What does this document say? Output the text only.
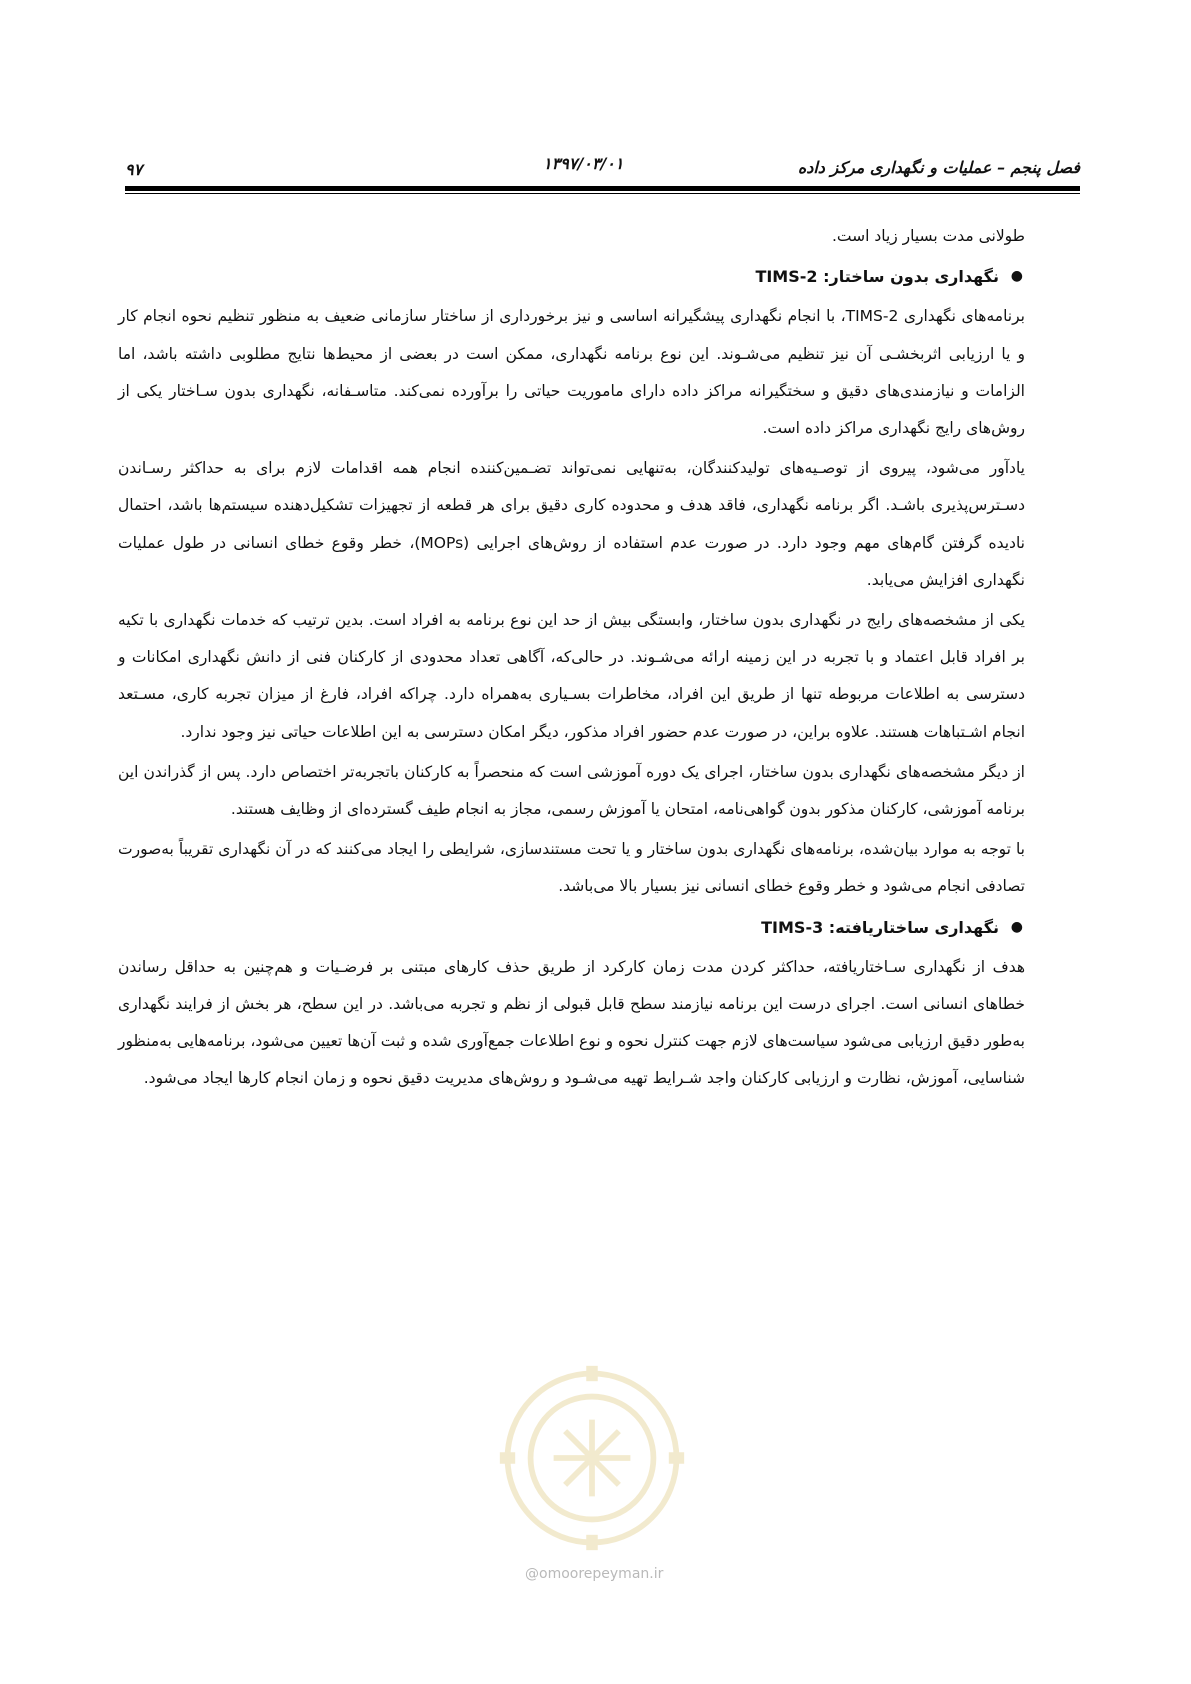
فصل پنجم – عملیات و نگهداری مرکز داده
۱۳۹۷/۰۳/۰۱
۹۷

طولانی مدت بسیار زیاد است.

●
نگهداری بدون ساختار: TIMS-2

برنامه‌های نگهداری TIMS-2، با انجام نگهداری پیشگیرانه اساسی و نیز برخورداری از ساختار سازمانی ضعیف به منظور تنظیم نحوه انجام کار و یا ارزیابی اثربخشـی آن نیز تنظیم می‌شـوند. این نوع برنامه نگهداری، ممکن است در بعضی از محیط‌ها نتایج مطلوبی داشته باشد، اما الزامات و نیازمندی‌های دقیق و سختگیرانه مراکز داده دارای ماموریت حیاتی را برآورده نمی‌کند. متاسـفانه، نگهداری بدون سـاختار یکی از روش‌های رایج نگهداری مراکز داده است.

یادآور می‌شود، پیروی از توصـیه‌های تولیدکنندگان، به‌تنهایی نمی‌تواند تضـمین‌کننده انجام همه اقدامات لازم برای به حداکثر رسـاندن دسـترس‌پذیری باشـد. اگر برنامه نگهداری، فاقد هدف و محدوده کاری دقیق برای هر قطعه از تجهیزات تشکیل‌دهنده سیستم‌ها باشد، احتمال نادیده گرفتن گام‌های مهم وجود دارد. در صورت عدم استفاده از روش‌های اجرایی (MOPs)، خطر وقوع خطای انسانی در طول عملیات نگهداری افزایش می‌یابد.

یکی از مشخصه‌های رایج در نگهداری بدون ساختار، وابستگی بیش از حد این نوع برنامه به افراد است. بدین ترتیب که خدمات نگهداری با تکیه بر افراد قابل اعتماد و با تجربه در این زمینه ارائه می‌شـوند. در حالی‌که، آگاهی تعداد محدودی از کارکنان فنی از دانش نگهداری امکانات و دسترسی به اطلاعات مربوطه تنها از طریق این افراد، مخاطرات بسـیاری به‌همراه دارد. چراکه افراد، فارغ از میزان تجربه کاری، مسـتعد انجام اشـتباهات هستند. علاوه براین، در صورت عدم حضور افراد مذکور، دیگر امکان دسترسی به این اطلاعات حیاتی نیز وجود ندارد.

از دیگر مشخصه‌های نگهداری بدون ساختار، اجرای یک دوره آموزشی است که منحصراً به کارکنان باتجربه‌تر اختصاص دارد. پس از گذراندن این برنامه آموزشی، کارکنان مذکور بدون گواهی‌نامه، امتحان یا آموزش رسمی، مجاز به انجام طیف گسترده‌ای از وظایف هستند.

با توجه به موارد بیان‌شده، برنامه‌های نگهداری بدون ساختار و یا تحت مستندسازی، شرایطی را ایجاد می‌کنند که در آن نگهداری تقریباً به‌صورت تصادفی انجام می‌شود و خطر وقوع خطای انسانی نیز بسیار بالا می‌باشد.

●
نگهداری ساختاریافته: TIMS-3

هدف از نگهداری سـاختاریافته، حداکثر کردن مدت زمان کارکرد از طریق حذف کارهای مبتنی بر فرضـیات و هم‌چنین به حداقل رساندن خطاهای انسانی است. اجرای درست این برنامه نیازمند سطح قابل قبولی از نظم و تجربه می‌باشد. در این سطح، هر بخش از فرایند نگهداری به‌طور دقیق ارزیابی می‌شود سیاست‌های لازم جهت کنترل نحوه و نوع اطلاعات جمع‌آوری شده و ثبت آن‌ها تعیین می‌شود، برنامه‌هایی به‌منظور شناسایی، آموزش، نظارت و ارزیابی کارکنان واجد شـرایط تهیه می‌شـود و روش‌های مدیریت دقیق نحوه و زمان انجام کارها ایجاد می‌شود.

@omoorepeyman.ir
